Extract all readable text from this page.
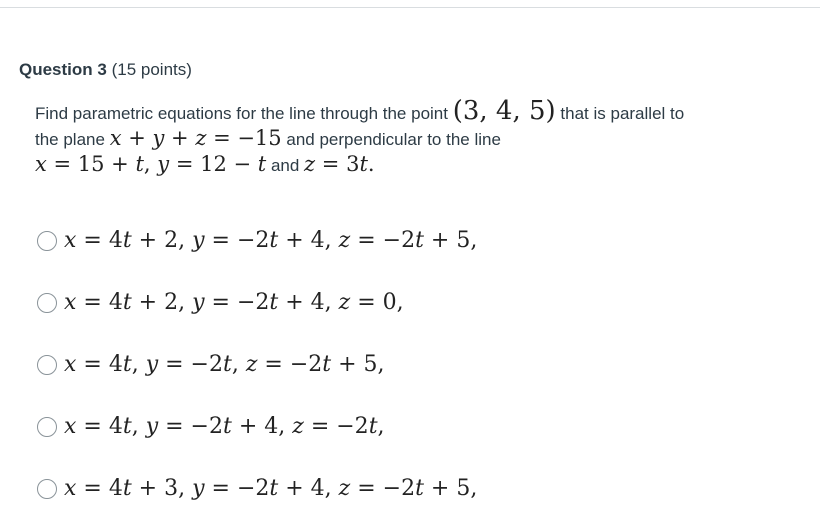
Question 3 (15 points)
Find parametric equations for the line through the point (3, 4, 5) that is parallel to
the plane x + y + z = −15 and perpendicular to the line
x = 15 + t, y = 12 − t and z = 3t.
x = 4t + 2, y = −2t + 4, z = −2t + 5,
x = 4t + 2, y = −2t + 4, z = 0,
x = 4t, y = −2t, z = −2t + 5,
x = 4t, y = −2t + 4, z = −2t,
x = 4t + 3, y = −2t + 4, z = −2t + 5,
